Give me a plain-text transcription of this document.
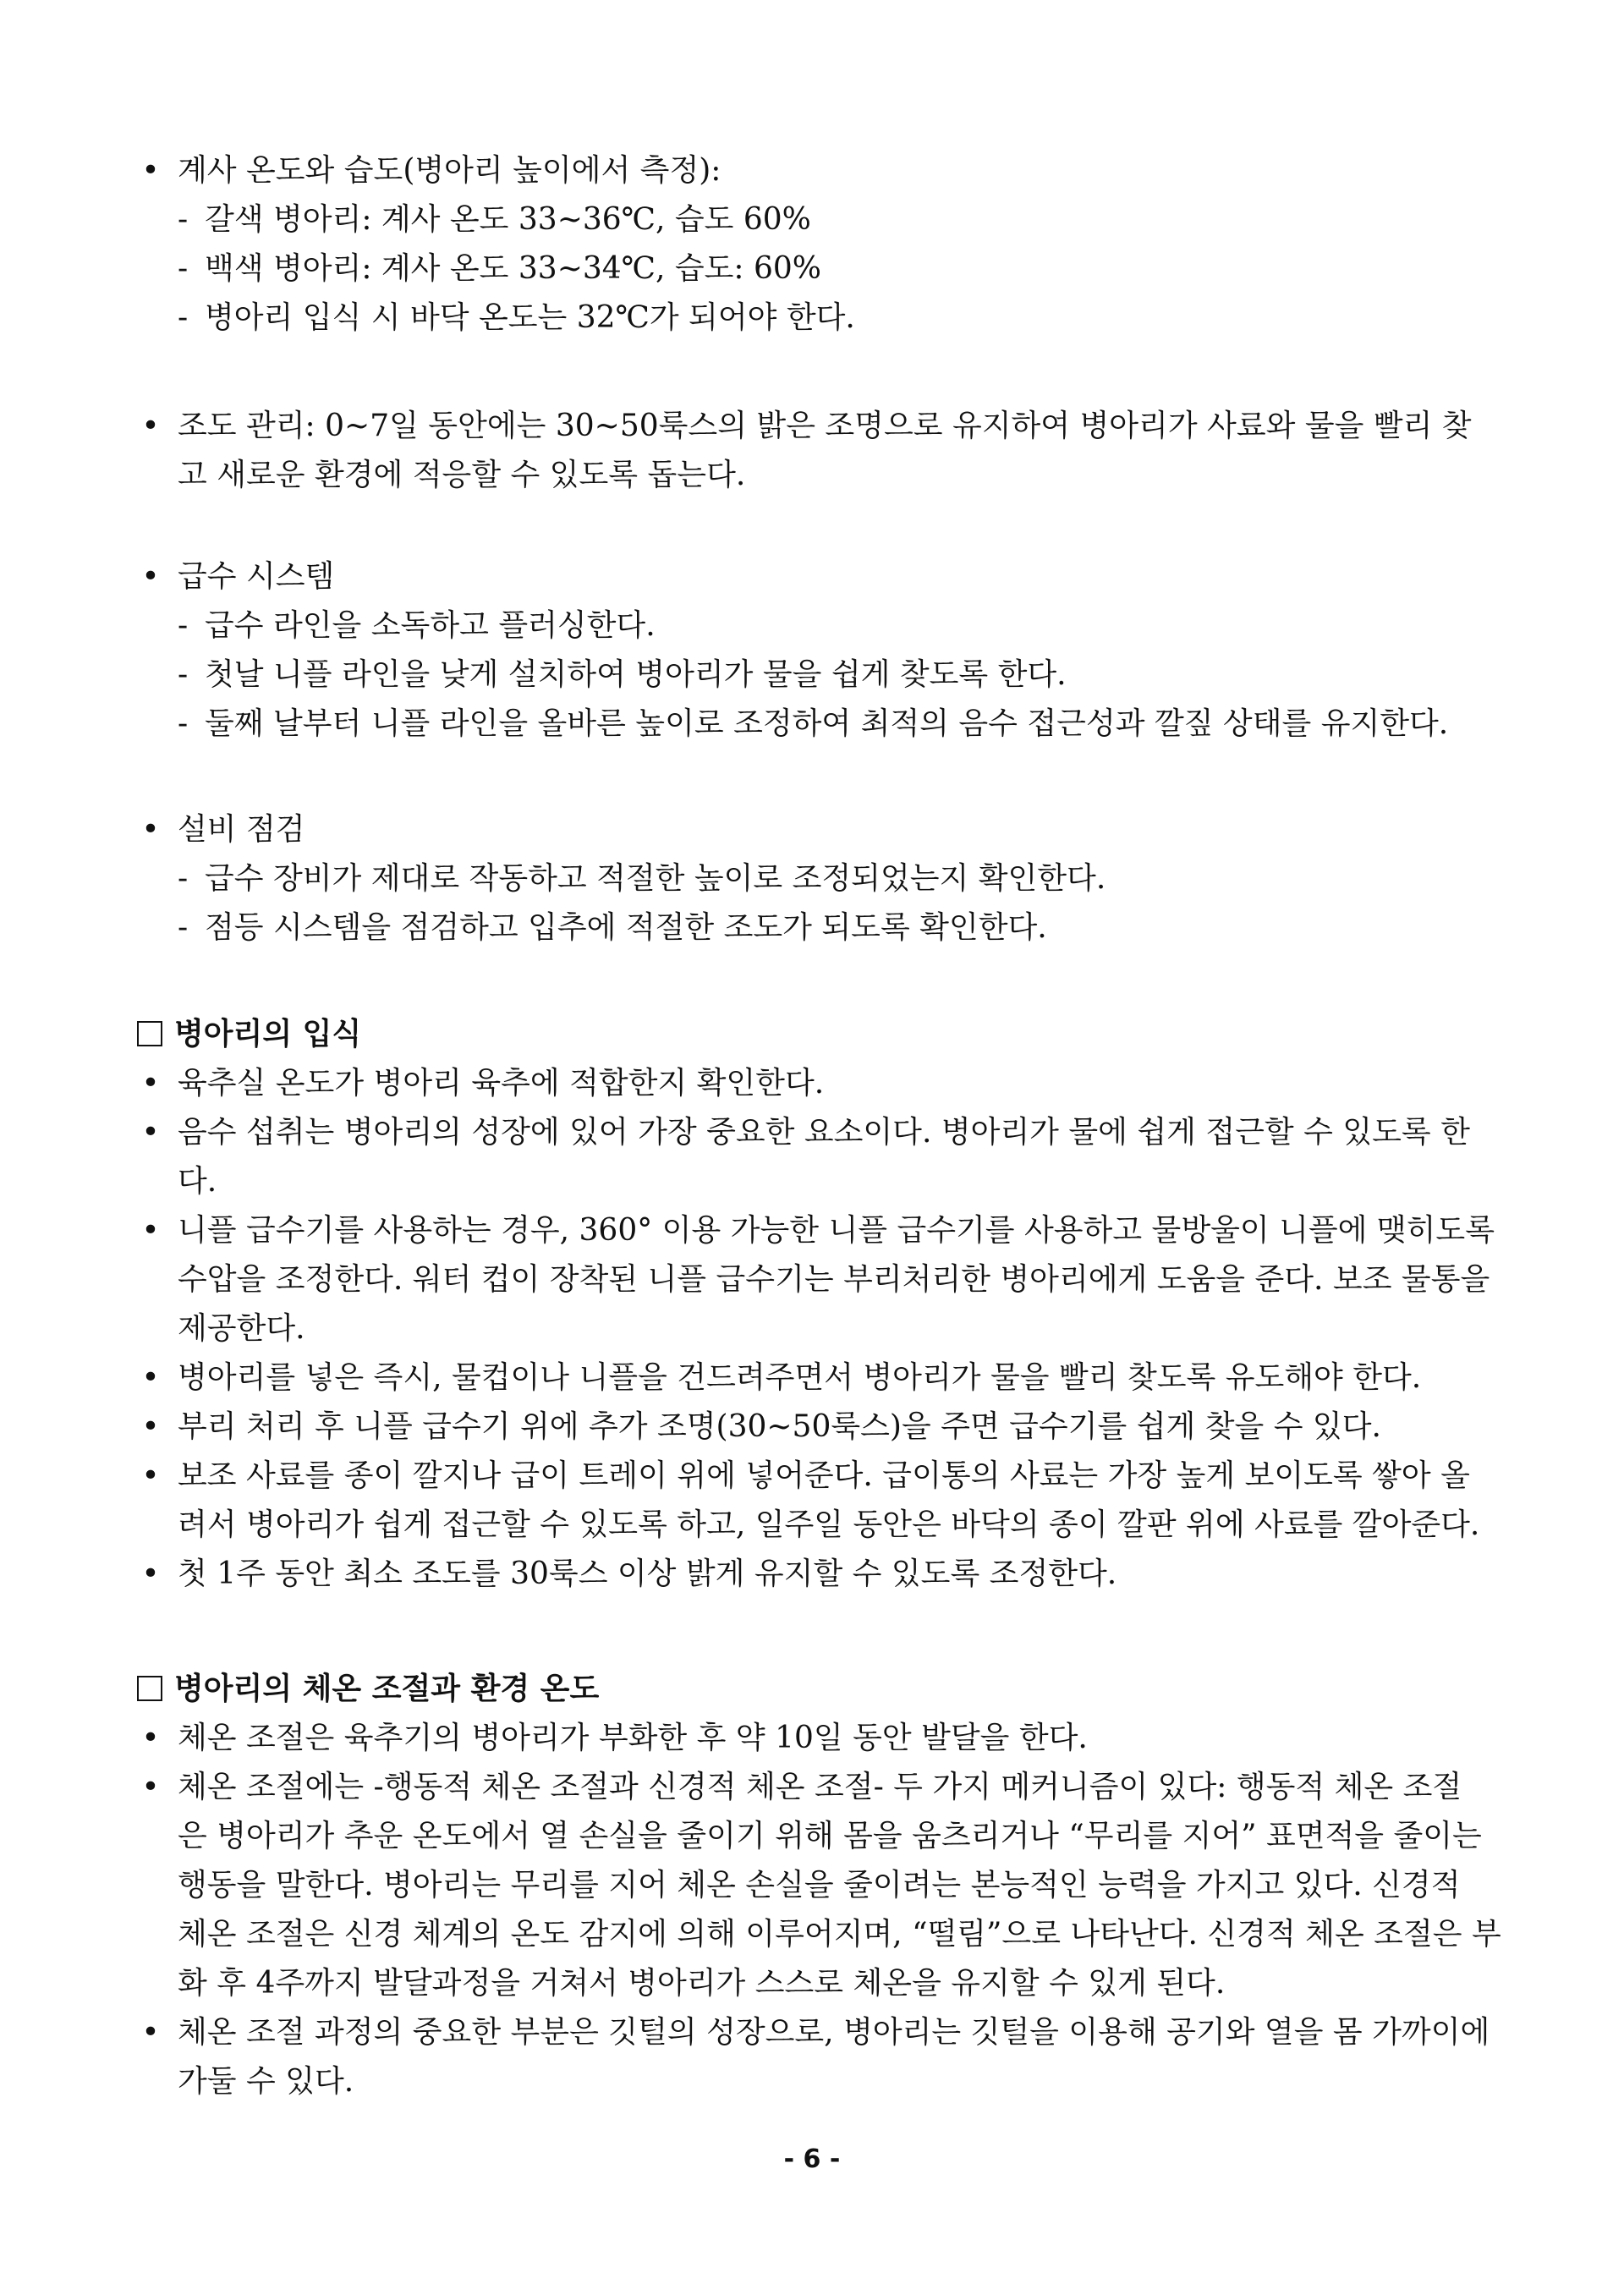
• 계사 온도와 습도(병아리 높이에서 측정):
- 갈색 병아리: 계사 온도 33~36℃, 습도 60%
- 백색 병아리: 계사 온도 33~34℃, 습도: 60%
- 병아리 입식 시 바닥 온도는 32℃가 되어야 한다.
• 조도 관리: 0~7일 동안에는 30~50룩스의 밝은 조명으로 유지하여 병아리가 사료와 물을 빨리 찾
고 새로운 환경에 적응할 수 있도록 돕는다.
• 급수 시스템
- 급수 라인을 소독하고 플러싱한다.
- 첫날 니플 라인을 낮게 설치하여 병아리가 물을 쉽게 찾도록 한다.
- 둘째 날부터 니플 라인을 올바른 높이로 조정하여 최적의 음수 접근성과 깔짚 상태를 유지한다.
• 설비 점검
- 급수 장비가 제대로 작동하고 적절한 높이로 조정되었는지 확인한다.
- 점등 시스템을 점검하고 입추에 적절한 조도가 되도록 확인한다.
병아리의 입식
• 육추실 온도가 병아리 육추에 적합한지 확인한다.
• 음수 섭취는 병아리의 성장에 있어 가장 중요한 요소이다. 병아리가 물에 쉽게 접근할 수 있도록 한
다.
• 니플 급수기를 사용하는 경우, 360° 이용 가능한 니플 급수기를 사용하고 물방울이 니플에 맺히도록
수압을 조정한다. 워터 컵이 장착된 니플 급수기는 부리처리한 병아리에게 도움을 준다. 보조 물통을
제공한다.
• 병아리를 넣은 즉시, 물컵이나 니플을 건드려주면서 병아리가 물을 빨리 찾도록 유도해야 한다.
• 부리 처리 후 니플 급수기 위에 추가 조명(30~50룩스)을 주면 급수기를 쉽게 찾을 수 있다.
• 보조 사료를 종이 깔지나 급이 트레이 위에 넣어준다. 급이통의 사료는 가장 높게 보이도록 쌓아 올
려서 병아리가 쉽게 접근할 수 있도록 하고, 일주일 동안은 바닥의 종이 깔판 위에 사료를 깔아준다.
• 첫 1주 동안 최소 조도를 30룩스 이상 밝게 유지할 수 있도록 조정한다.
병아리의 체온 조절과 환경 온도
• 체온 조절은 육추기의 병아리가 부화한 후 약 10일 동안 발달을 한다.
• 체온 조절에는 -행동적 체온 조절과 신경적 체온 조절- 두 가지 메커니즘이 있다: 행동적 체온 조절
은 병아리가 추운 온도에서 열 손실을 줄이기 위해 몸을 움츠리거나 “무리를 지어” 표면적을 줄이는
행동을 말한다. 병아리는 무리를 지어 체온 손실을 줄이려는 본능적인 능력을 가지고 있다. 신경적
체온 조절은 신경 체계의 온도 감지에 의해 이루어지며, “떨림”으로 나타난다. 신경적 체온 조절은 부
화 후 4주까지 발달과정을 거쳐서 병아리가 스스로 체온을 유지할 수 있게 된다.
• 체온 조절 과정의 중요한 부분은 깃털의 성장으로, 병아리는 깃털을 이용해 공기와 열을 몸 가까이에
가둘 수 있다.
- 6 -
